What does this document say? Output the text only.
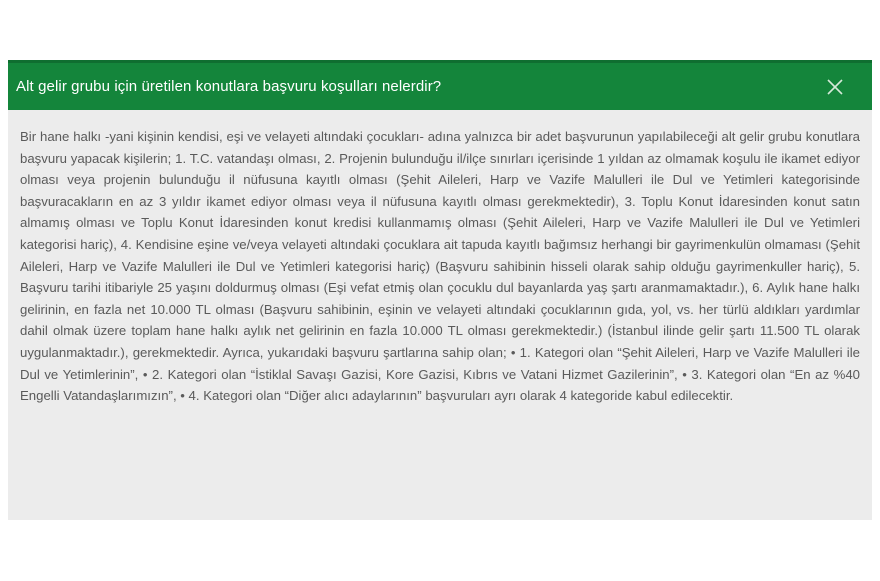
Alt gelir grubu için üretilen konutlara başvuru koşulları nelerdir?

Bir hane halkı -yani kişinin kendisi, eşi ve velayeti altındaki çocukları- adına yalnızca bir adet başvurunun yapılabileceği alt gelir grubu konutlara başvuru yapacak kişilerin; 1. T.C. vatandaşı olması, 2. Projenin bulunduğu il/ilçe sınırları içerisinde 1 yıldan az olmamak koşulu ile ikamet ediyor olması veya projenin bulunduğu il nüfusuna kayıtlı olması (Şehit Aileleri, Harp ve Vazife Malulleri ile Dul ve Yetimleri kategorisinde başvuracakların en az 3 yıldır ikamet ediyor olması veya il nüfusuna kayıtlı olması gerekmektedir), 3. Toplu Konut İdaresinden konut satın almamış olması ve Toplu Konut İdaresinden konut kredisi kullanmamış olması (Şehit Aileleri, Harp ve Vazife Malulleri ile Dul ve Yetimleri kategorisi hariç), 4. Kendisine eşine ve/veya velayeti altındaki çocuklara ait tapuda kayıtlı bağımsız herhangi bir gayrimenkulün olmaması (Şehit Aileleri, Harp ve Vazife Malulleri ile Dul ve Yetimleri kategorisi hariç) (Başvuru sahibinin hisseli olarak sahip olduğu gayrimenkuller hariç), 5. Başvuru tarihi itibariyle 25 yaşını doldurmuş olması (Eşi vefat etmiş olan çocuklu dul bayanlarda yaş şartı aranmamaktadır.), 6. Aylık hane halkı gelirinin, en fazla net 10.000 TL olması (Başvuru sahibinin, eşinin ve velayeti altındaki çocuklarının gıda, yol, vs. her türlü aldıkları yardımlar dahil olmak üzere toplam hane halkı aylık net gelirinin en fazla 10.000 TL olması gerekmektedir.) (İstanbul ilinde gelir şartı 11.500 TL olarak uygulanmaktadır.), gerekmektedir. Ayrıca, yukarıdaki başvuru şartlarına sahip olan; • 1. Kategori olan “Şehit Aileleri, Harp ve Vazife Malulleri ile Dul ve Yetimlerinin”, • 2. Kategori olan “İstiklal Savaşı Gazisi, Kore Gazisi, Kıbrıs ve Vatani Hizmet Gazilerinin”, • 3. Kategori olan “En az %40 Engelli Vatandaşlarımızın”, • 4. Kategori olan “Diğer alıcı adaylarının” başvuruları ayrı olarak 4 kategoride kabul edilecektir.
